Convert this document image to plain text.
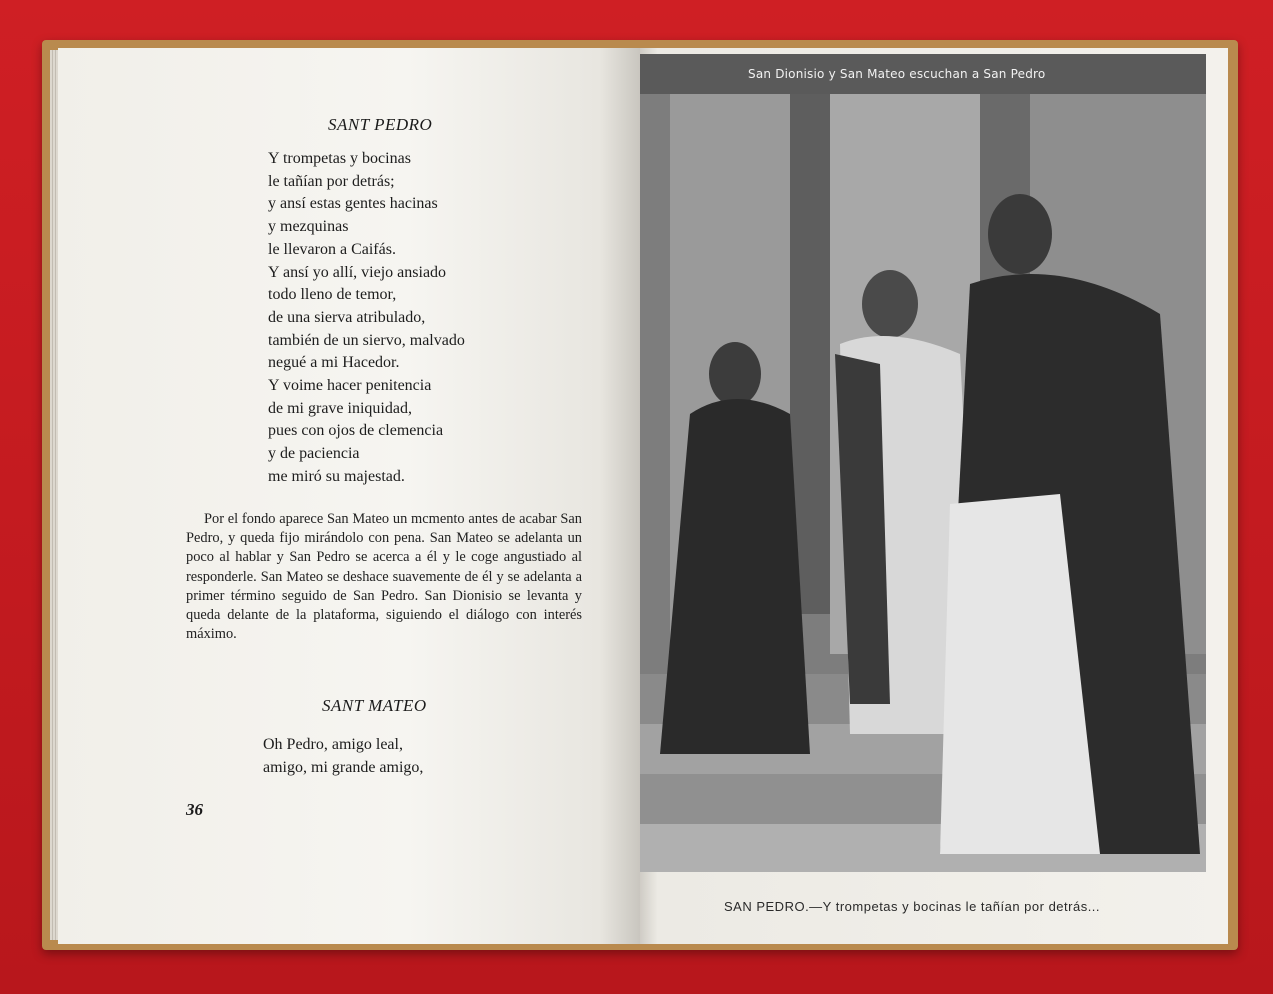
SANT PEDRO
Y trompetas y bocinas
le tañían por detrás;
y ansí estas gentes hacinas
y mezquinas
le llevaron a Caifás.
Y ansí yo allí, viejo ansiado
todo lleno de temor,
de una sierva atribulado,
también de un siervo, malvado
negué a mi Hacedor.
Y voime hacer penitencia
de mi grave iniquidad,
pues con ojos de clemencia
y de paciencia
me miró su majestad.
Por el fondo aparece San Mateo un mcmento antes de acabar San Pedro, y queda fijo mirándolo con pena. San Mateo se adelanta un poco al hablar y San Pedro se acerca a él y le coge angustiado al responderle. San Mateo se deshace suavemente de él y se adelanta a primer término seguido de San Pedro. San Dionisio se levanta y queda delante de la plataforma, siguiendo el diálogo con interés máximo.
SANT MATEO
Oh Pedro, amigo leal,
amigo, mi grande amigo,
36
San Dionisio y San Mateo escuchan a San Pedro
SAN PEDRO.—Y trompetas y bocinas le tañían por detrás...
